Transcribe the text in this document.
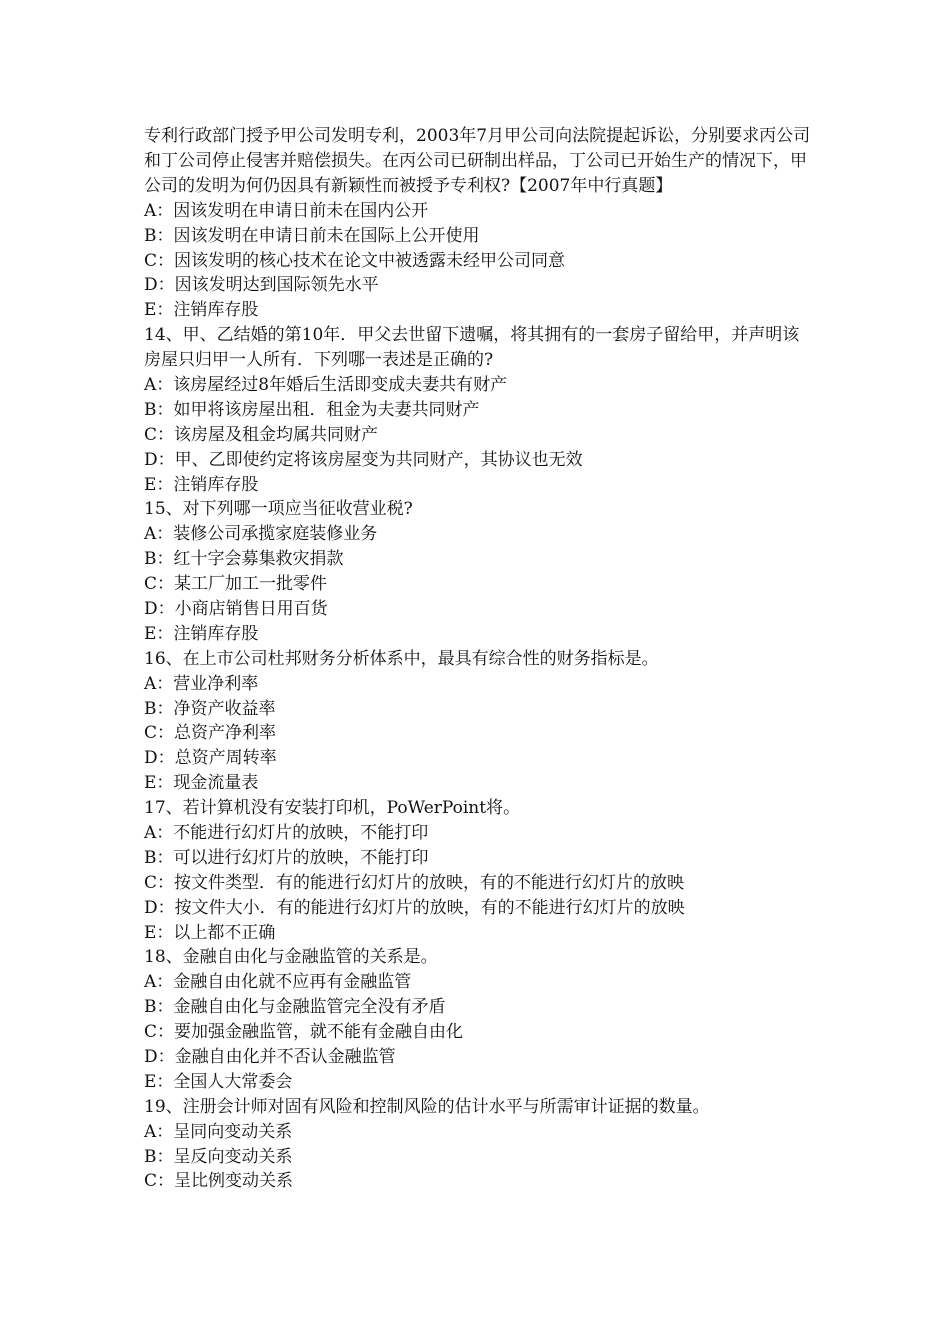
专利行政部门授予甲公司发明专利，2003年7月甲公司向法院提起诉讼，分别要求丙公司和丁公司停止侵害并赔偿损失。在丙公司已研制出样品，丁公司已开始生产的情况下，甲公司的发明为何仍因具有新颖性而被授予专利权?【2007年中行真题】
A：因该发明在申请日前未在国内公开
B：因该发明在申请日前未在国际上公开使用
C：因该发明的核心技术在论文中被透露未经甲公司同意
D：因该发明达到国际领先水平
E：注销库存股
14、甲、乙结婚的第10年．甲父去世留下遗嘱，将其拥有的一套房子留给甲，并声明该房屋只归甲一人所有．下列哪一表述是正确的?
A：该房屋经过8年婚后生活即变成夫妻共有财产
B：如甲将该房屋出租．租金为夫妻共同财产
C：该房屋及租金均属共同财产
D：甲、乙即使约定将该房屋变为共同财产，其协议也无效
E：注销库存股
15、对下列哪一项应当征收营业税?
A：装修公司承揽家庭装修业务
B：红十字会募集救灾捐款
C：某工厂加工一批零件
D：小商店销售日用百货
E：注销库存股
16、在上市公司杜邦财务分析体系中，最具有综合性的财务指标是。
A：营业净利率
B：净资产收益率
C：总资产净利率
D：总资产周转率
E：现金流量表
17、若计算机没有安装打印机，PoWerPoint将。
A：不能进行幻灯片的放映，不能打印
B：可以进行幻灯片的放映，不能打印
C：按文件类型．有的能进行幻灯片的放映，有的不能进行幻灯片的放映
D：按文件大小．有的能进行幻灯片的放映，有的不能进行幻灯片的放映
E：以上都不正确
18、金融自由化与金融监管的关系是。
A：金融自由化就不应再有金融监管
B：金融自由化与金融监管完全没有矛盾
C：要加强金融监管，就不能有金融自由化
D：金融自由化并不否认金融监管
E：全国人大常委会
19、注册会计师对固有风险和控制风险的估计水平与所需审计证据的数量。
A：呈同向变动关系
B：呈反向变动关系
C：呈比例变动关系
